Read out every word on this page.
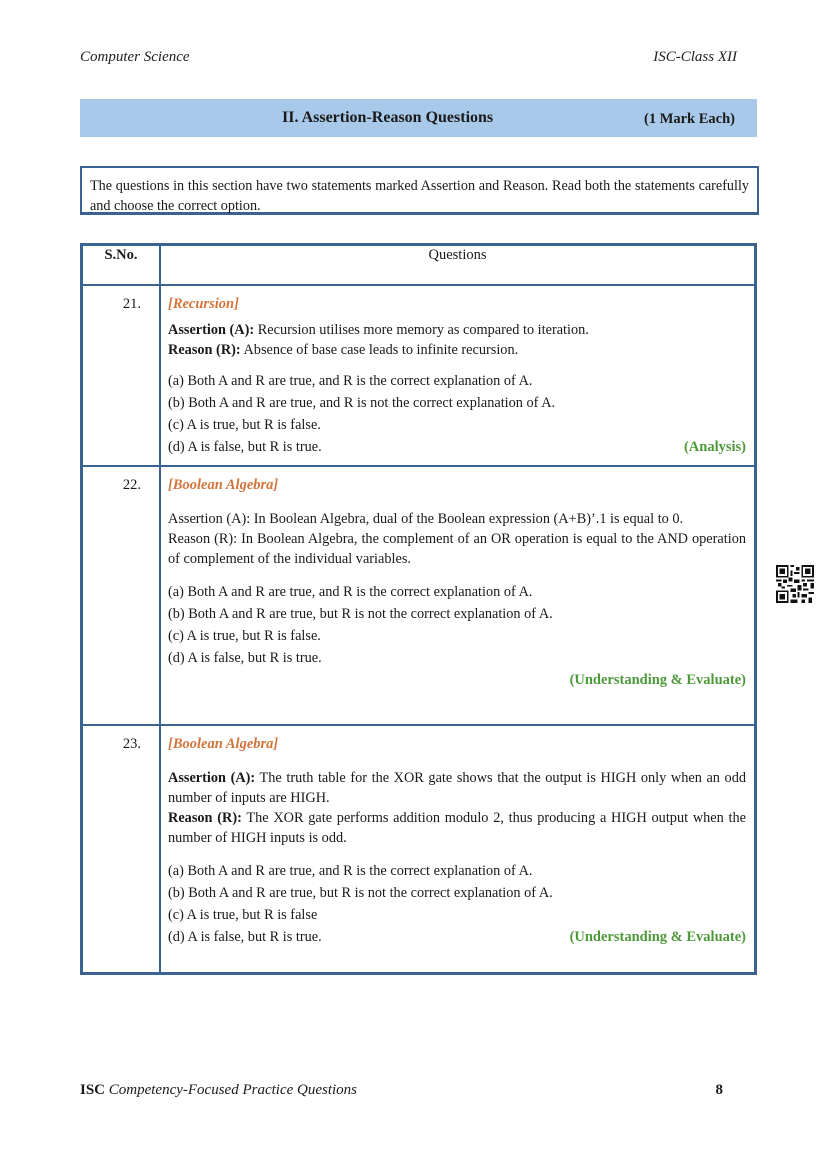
Computer Science	ISC-Class XII
II. Assertion-Reason Questions	(1 Mark Each)
The questions in this section have two statements marked Assertion and Reason. Read both the statements carefully and choose the correct option.
S.No.	Questions
21.	[Recursion]
Assertion (A): Recursion utilises more memory as compared to iteration.
Reason (R): Absence of base case leads to infinite recursion.
(a) Both A and R are true, and R is the correct explanation of A.
(b) Both A and R are true, and R is not the correct explanation of A.
(c) A is true, but R is false.
(d) A is false, but R is true.	(Analysis)

22.	[Boolean Algebra]
Assertion (A): In Boolean Algebra, dual of the Boolean expression (A+B)’.1 is equal to 0.
Reason (R): In Boolean Algebra, the complement of an OR operation is equal to the AND operation of complement of the individual variables.
(a) Both A and R are true, and R is the correct explanation of A.
(b) Both A and R are true, but R is not the correct explanation of A.
(c) A is true, but R is false.
(d) A is false, but R is true.
(Understanding & Evaluate)

23.	[Boolean Algebra]
Assertion (A): The truth table for the XOR gate shows that the output is HIGH only when an odd number of inputs are HIGH.
Reason (R): The XOR gate performs addition modulo 2, thus producing a HIGH output when the number of HIGH inputs is odd.
(a) Both A and R are true, and R is the correct explanation of A.
(b) Both A and R are true, but R is not the correct explanation of A.
(c) A is true, but R is false
(d) A is false, but R is true.	(Understanding & Evaluate)
ISC Competency-Focused Practice Questions	8
